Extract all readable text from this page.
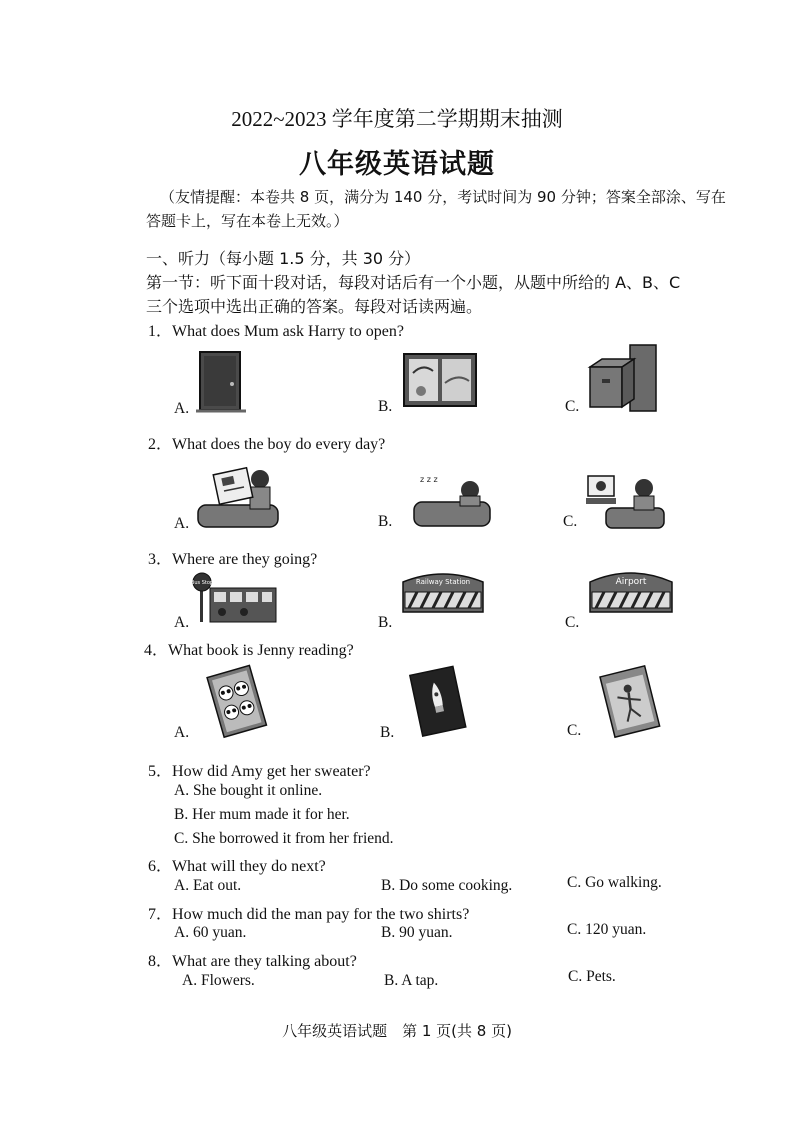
2022~2023 学年度第二学期期末抽测
八年级英语试题
（友情提醒：本卷共 8 页，满分为 140 分，考试时间为 90 分钟；答案全部涂、写在
答题卡上，写在本卷上无效。）
一、听力（每小题 1.5 分，共 30 分）
第一节：听下面十段对话，每段对话后有一个小题，从题中所给的 A、B、C
三个选项中选出正确的答案。每段对话读两遍。
1．What does Mum ask Harry to open?
A.	B.	C.
2．What does the boy do every day?
A.	B.	C.
z z z
3．Where are they going?
A.	B.	C.
Bus Stop	Railway Station	Airport
4．What book is Jenny reading?
A.	B.	C.
5．How did Amy get her sweater?
A. She bought it online.
B. Her mum made it for her.
C. She borrowed it from her friend.
6．What will they do next?
A. Eat out.	B. Do some cooking.	C. Go walking.
7．How much did the man pay for the two shirts?
A. 60 yuan.	B. 90 yuan.	C. 120 yuan.
8．What are they talking about?
A. Flowers.	B. A tap.	C. Pets.
八年级英语试题　第 1 页(共 8 页)
